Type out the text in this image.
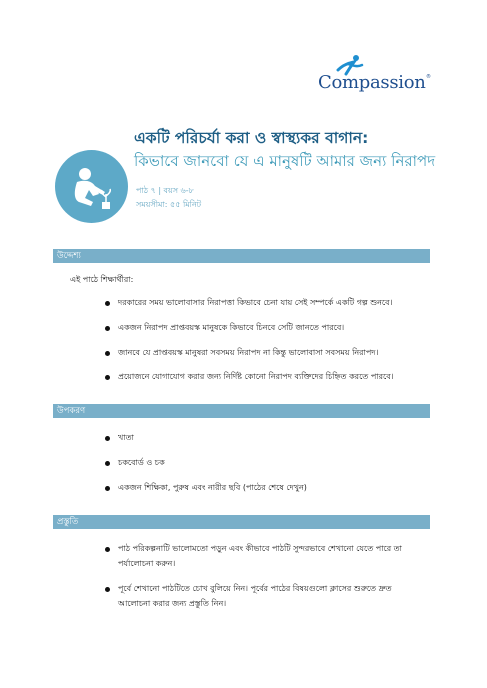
Compassion ®
একটি পরিচর্যা করা ও স্বাস্থ্যকর বাগান:
কিভাবে জানবো যে এ মানুষটি আমার জন্য নিরাপদ
পাঠ ৭ | বয়স ৬-৮
সময়সীমা: ৫৫ মিনিট
উদ্দেশ্য
এই পাঠে শিক্ষার্থীরা:
দরকারের সময় ভালোবাসার নিরাপত্তা কিভাবে চেনা যায় সেই সম্পর্কে একটি গল্প শুনবে।
একজন নিরাপদ প্রাপ্তবয়স্ক মানুষকে কিভাবে চিনবে সেটি জানতে পারবে।
জানবে যে প্রাপ্তবয়স্ক মানুষরা সবসময় নিরাপদ না কিন্তু ভালোবাসা সবসময় নিরাপদ।
প্রয়োজনে যোগাযোগ করার জন্য নির্দিষ্ট কোনো নিরাপদ ব্যক্তিদের চিহ্নিত করতে পারবে।
উপকরণ
খাতা
চকবোর্ড ও চক
একজন শিক্ষিকা, পুরুষ এবং নারীর ছবি (পাঠের শেষে দেখুন)
প্রস্তুতি
পাঠ পরিকল্পনাটি ভালোমতো পড়ুন এবং কীভাবে পাঠটি সুন্দরভাবে শেখানো যেতে পারে তা
পর্যালোচনা করুন।
পূর্বে শেখানো পাঠটিতে চোখ বুলিয়ে নিন। পূর্বের পাঠের বিষয়গুলো ক্লাসের শুরুতে দ্রুত
আলোচনা করার জন্য প্রস্তুতি নিন।
